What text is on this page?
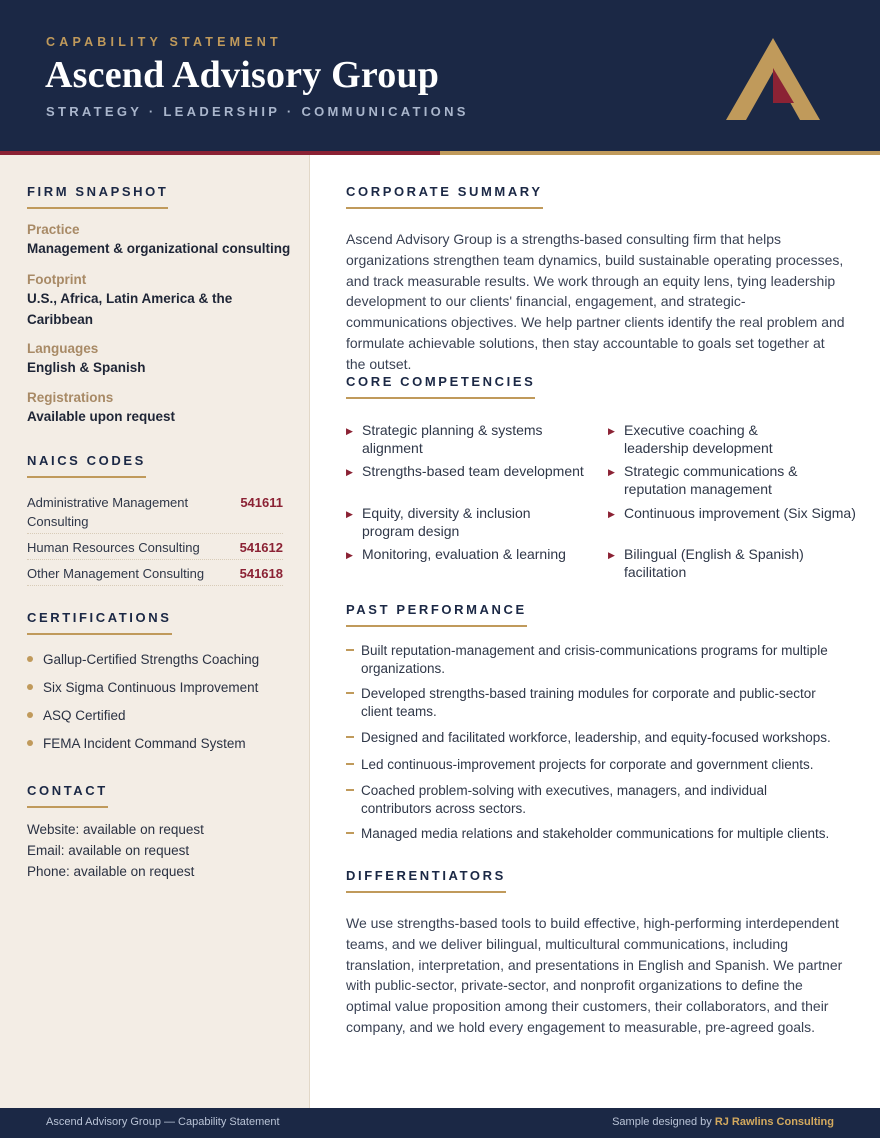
CAPABILITY STATEMENT
Ascend Advisory Group
STRATEGY · LEADERSHIP · COMMUNICATIONS
FIRM SNAPSHOT
Practice
Management & organizational consulting
Footprint
U.S., Africa, Latin America & the Caribbean
Languages
English & Spanish
Registrations
Available upon request
NAICS CODES
Administrative Management Consulting
541611
Human Resources Consulting	541612
Other Management Consulting	541618
CERTIFICATIONS
Gallup-Certified Strengths Coaching
Six Sigma Continuous Improvement
ASQ Certified
FEMA Incident Command System
CONTACT
Website: available on request
Email: available on request
Phone: available on request
CORPORATE SUMMARY
Ascend Advisory Group is a strengths-based consulting firm that helps organizations strengthen team dynamics, build sustainable operating processes, and track measurable results. We work through an equity lens, tying leadership development to our clients' financial, engagement, and strategic-communications objectives. We help partner clients identify the real problem and formulate achievable solutions, then stay accountable to goals set together at the outset.
CORE COMPETENCIES
▶ Strategic planning & systems alignment
▶ Strengths-based team development
▶ Equity, diversity & inclusion program design
▶ Monitoring, evaluation & learning
▶ Executive coaching & leadership development
▶ Strategic communications & reputation management
▶ Continuous improvement (Six Sigma)
▶ Bilingual (English & Spanish) facilitation
PAST PERFORMANCE
Built reputation-management and crisis-communications programs for multiple organizations.
Developed strengths-based training modules for corporate and public-sector client teams.
Designed and facilitated workforce, leadership, and equity-focused workshops.
Led continuous-improvement projects for corporate and government clients.
Coached problem-solving with executives, managers, and individual contributors across sectors.
Managed media relations and stakeholder communications for multiple clients.
DIFFERENTIATORS
We use strengths-based tools to build effective, high-performing interdependent teams, and we deliver bilingual, multicultural communications, including translation, interpretation, and presentations in English and Spanish. We partner with public-sector, private-sector, and nonprofit organizations to define the optimal value proposition among their customers, their collaborators, and their company, and we hold every engagement to measurable, pre-agreed goals.
Ascend Advisory Group — Capability Statement	Sample designed by RJ Rawlins Consulting
